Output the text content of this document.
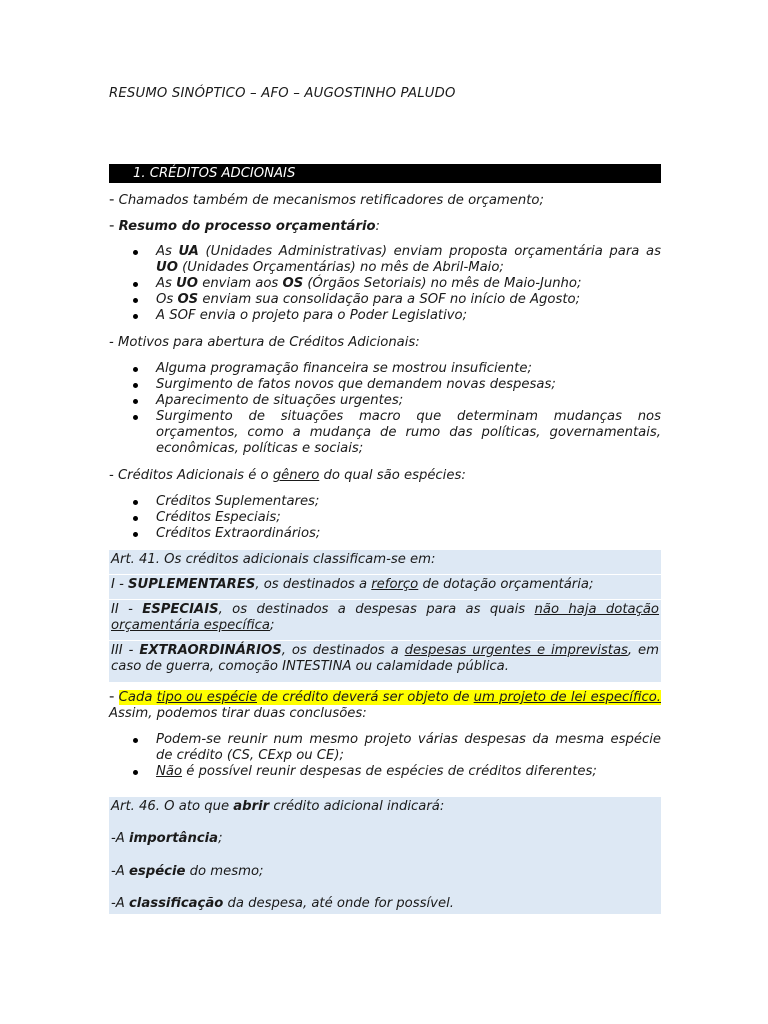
RESUMO SINÓPTICO – AFO – AUGOSTINHO PALUDO
1. CRÉDITOS ADCIONAIS
- Chamados também de mecanismos retificadores de orçamento;
- Resumo do processo orçamentário:
As UA (Unidades Administrativas) enviam proposta orçamentária para as UO (Unidades Orçamentárias) no mês de Abril-Maio;
As UO enviam aos OS (Órgãos Setoriais) no mês de Maio-Junho;
Os OS enviam sua consolidação para a SOF no início de Agosto;
A SOF envia o projeto para o Poder Legislativo;
- Motivos para abertura de Créditos Adicionais:
Alguma programação financeira se mostrou insuficiente;
Surgimento de fatos novos que demandem novas despesas;
Aparecimento de situações urgentes;
Surgimento de situações macro que determinam mudanças nos orçamentos, como a mudança de rumo das políticas, governamentais, econômicas, políticas e sociais;
- Créditos Adicionais é o gênero do qual são espécies:
Créditos Suplementares;
Créditos Especiais;
Créditos Extraordinários;
Art. 41. Os créditos adicionais classificam-se em:
I - SUPLEMENTARES, os destinados a reforço de dotação orçamentária;
II - ESPECIAIS, os destinados a despesas para as quais não haja dotação orçamentária específica;
III - EXTRAORDINÁRIOS, os destinados a despesas urgentes e imprevistas, em caso de guerra, comoção INTESTINA ou calamidade pública.
- Cada tipo ou espécie de crédito deverá ser objeto de um projeto de lei específico. Assim, podemos tirar duas conclusões:
Podem-se reunir num mesmo projeto várias despesas da mesma espécie de crédito (CS, CExp ou CE);
Não é possível reunir despesas de espécies de créditos diferentes;
Art. 46. O ato que abrir crédito adicional indicará:
-A importância;
-A espécie do mesmo;
-A classificação da despesa, até onde for possível.
